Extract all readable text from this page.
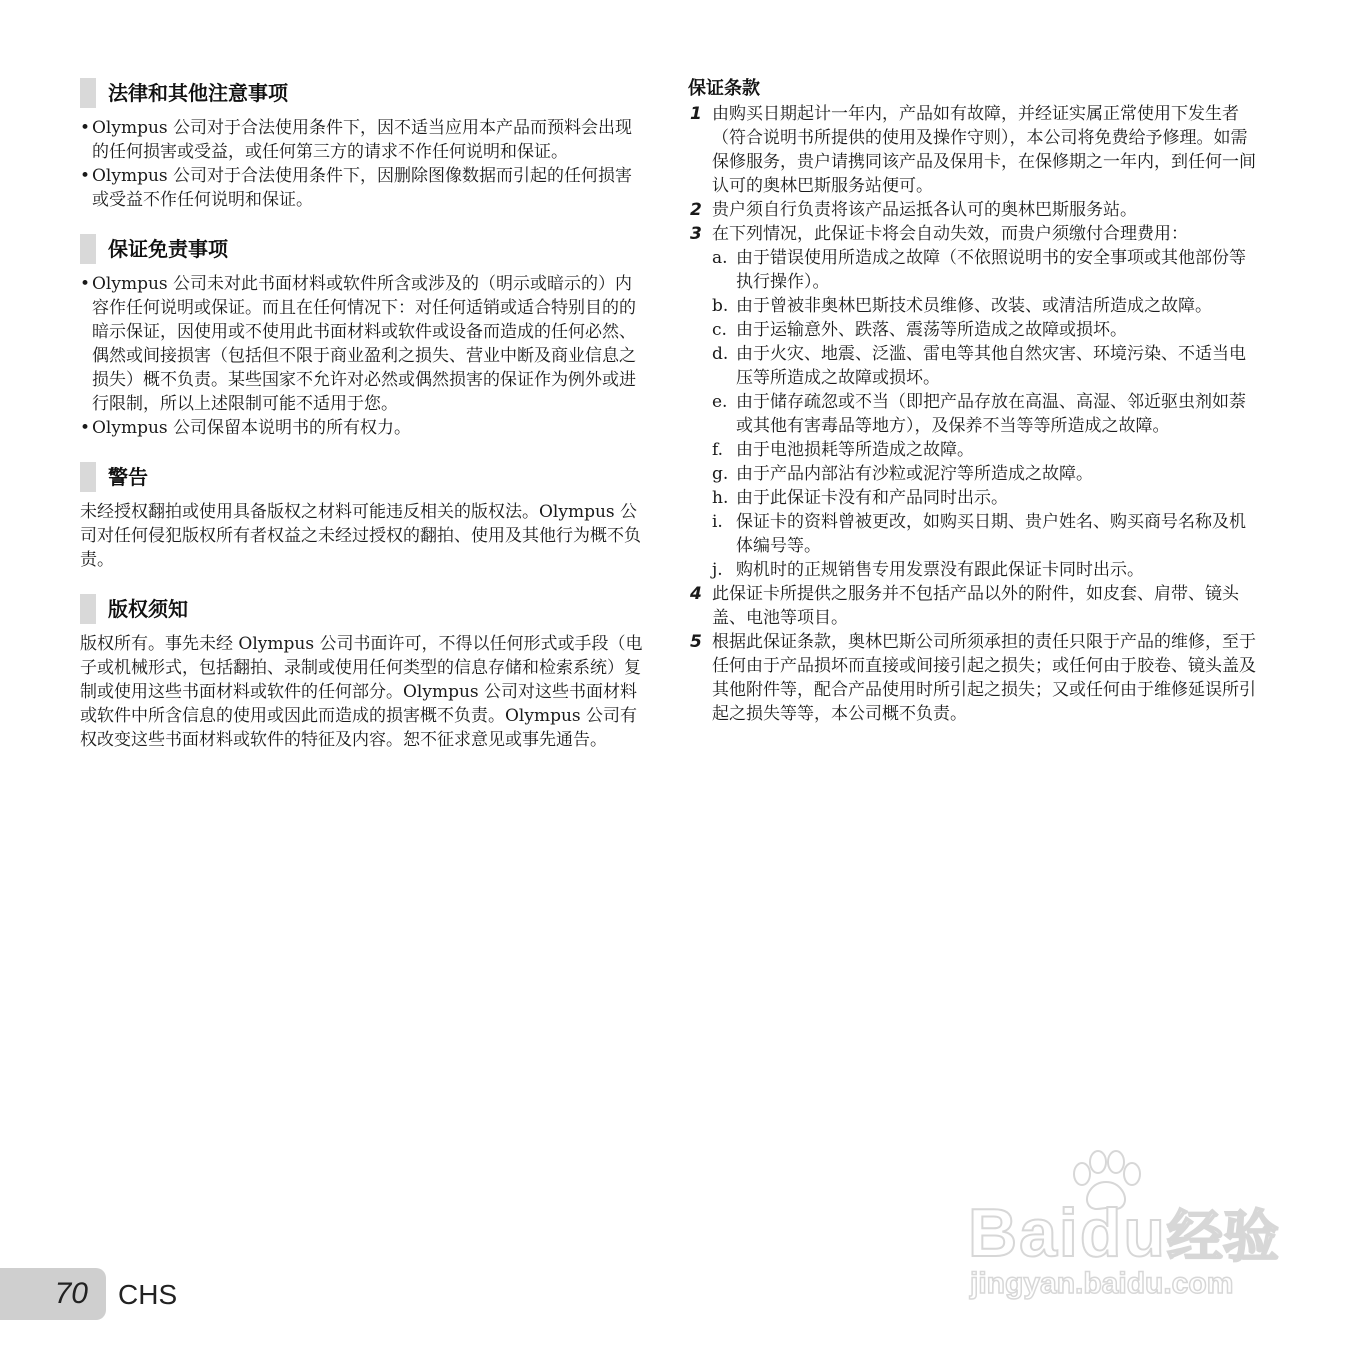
法律和其他注意事项
• Olympus 公司对于合法使用条件下，因不适当应用本产品而预料会出现的任何损害或受益，或任何第三方的请求不作任何说明和保证。
• Olympus 公司对于合法使用条件下，因删除图像数据而引起的任何损害或受益不作任何说明和保证。
保证免责事项
• Olympus 公司未对此书面材料或软件所含或涉及的（明示或暗示的）内容作任何说明或保证。而且在任何情况下：对任何适销或适合特别目的的暗示保证，因使用或不使用此书面材料或软件或设备而造成的任何必然、偶然或间接损害（包括但不限于商业盈利之损失、营业中断及商业信息之损失）概不负责。某些国家不允许对必然或偶然损害的保证作为例外或进行限制，所以上述限制可能不适用于您。
• Olympus 公司保留本说明书的所有权力。
警告

未经授权翻拍或使用具备版权之材料可能违反相关的版权法。Olympus 公司对任何侵犯版权所有者权益之未经过授权的翻拍、使用及其他行为概不负责。

版权须知

版权所有。事先未经 Olympus 公司书面许可，不得以任何形式或手段（电子或机械形式，包括翻拍、录制或使用任何类型的信息存储和检索系统）复制或使用这些书面材料或软件的任何部分。Olympus 公司对这些书面材料或软件中所含信息的使用或因此而造成的损害概不负责。Olympus 公司有权改变这些书面材料或软件的特征及内容。恕不征求意见或事先通告。

保证条款
1 由购买日期起计一年内，产品如有故障，并经证实属正常使用下发生者（符合说明书所提供的使用及操作守则），本公司将免费给予修理。如需保修服务，贵户请携同该产品及保用卡，在保修期之一年内，到任何一间认可的奥林巴斯服务站便可。
2 贵户须自行负责将该产品运抵各认可的奥林巴斯服务站。
3 在下列情况，此保证卡将会自动失效，而贵户须缴付合理费用：
a. 由于错误使用所造成之故障（不依照说明书的安全事项或其他部份等执行操作）。
b. 由于曾被非奥林巴斯技术员维修、改装、或清洁所造成之故障。
c. 由于运输意外、跌落、震荡等所造成之故障或损坏。
d. 由于火灾、地震、泛滥、雷电等其他自然灾害、环境污染、不适当电压等所造成之故障或损坏。
e. 由于储存疏忽或不当（即把产品存放在高温、高湿、邻近驱虫剂如萘或其他有害毒品等地方），及保养不当等等所造成之故障。
f. 由于电池损耗等所造成之故障。
g. 由于产品内部沾有沙粒或泥泞等所造成之故障。
h. 由于此保证卡没有和产品同时出示。
i. 保证卡的资料曾被更改，如购买日期、贵户姓名、购买商号名称及机体编号等。
j. 购机时的正规销售专用发票没有跟此保证卡同时出示。
4 此保证卡所提供之服务并不包括产品以外的附件，如皮套、肩带、镜头盖、电池等项目。
5 根据此保证条款，奥林巴斯公司所须承担的责任只限于产品的维修，至于任何由于产品损坏而直接或间接引起之损失；或任何由于胶卷、镜头盖及其他附件等，配合产品使用时所引起之损失；又或任何由于维修延误所引起之损失等等，本公司概不负责。
70 CHS
Baidu经验
jingyan.baidu.com
